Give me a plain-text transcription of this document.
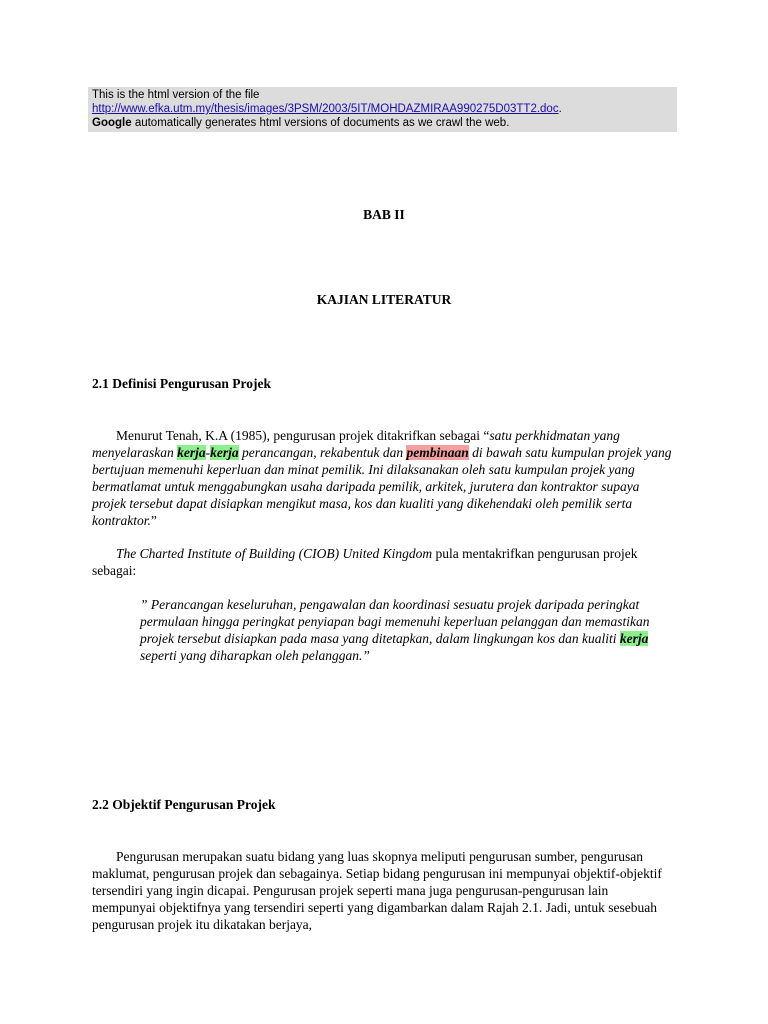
This is the html version of the file
http://www.efka.utm.my/thesis/images/3PSM/2003/5IT/MOHDAZMIRAA990275D03TT2.doc.
Google automatically generates html versions of documents as we crawl the web.
BAB II
KAJIAN LITERATUR
2.1 Definisi Pengurusan Projek
Menurut Tenah, K.A (1985), pengurusan projek ditakrifkan sebagai “satu perkhidmatan yang menyelaraskan kerja-kerja perancangan, rekabentuk dan pembinaan di bawah satu kumpulan projek yang bertujuan memenuhi keperluan dan minat pemilik. Ini dilaksanakan oleh satu kumpulan projek yang bermatlamat untuk menggabungkan usaha daripada pemilik, arkitek, jurutera dan kontraktor supaya projek tersebut dapat disiapkan mengikut masa, kos dan kualiti yang dikehendaki oleh pemilik serta kontraktor.”
The Charted Institute of Building (CIOB) United Kingdom pula mentakrifkan pengurusan projek sebagai:
” Perancangan keseluruhan, pengawalan dan koordinasi sesuatu projek daripada peringkat permulaan hingga peringkat penyiapan bagi memenuhi keperluan pelanggan dan memastikan projek tersebut disiapkan pada masa yang ditetapkan, dalam lingkungan kos dan kualiti kerja seperti yang diharapkan oleh pelanggan.”
2.2 Objektif Pengurusan Projek
Pengurusan merupakan suatu bidang yang luas skopnya meliputi pengurusan sumber, pengurusan maklumat, pengurusan projek dan sebagainya. Setiap bidang pengurusan ini mempunyai objektif-objektif tersendiri yang ingin dicapai. Pengurusan projek seperti mana juga pengurusan-pengurusan lain mempunyai objektifnya yang tersendiri seperti yang digambarkan dalam Rajah 2.1. Jadi, untuk sesebuah pengurusan projek itu dikatakan berjaya,
